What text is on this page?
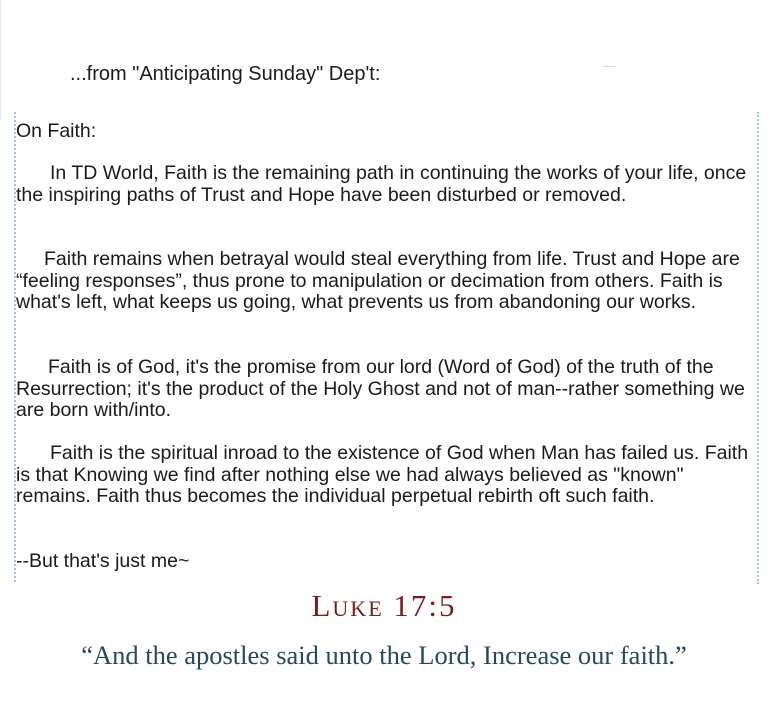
...from "Anticipating Sunday" Dep't:

On Faith:

In TD World, Faith is the remaining path in continuing the works of your life, once the inspiring paths of Trust and Hope have been disturbed or removed.

Faith remains when betrayal would steal everything from life. Trust and Hope are “feeling responses”, thus prone to manipulation or decimation from others. Faith is what's left, what keeps us going, what prevents us from abandoning our works.

Faith is of God, it's the promise from our lord (Word of God) of the truth of the Resurrection; it's the product of the Holy Ghost and not of man--rather something we are born with/into.

Faith is the spiritual inroad to the existence of God when Man has failed us. Faith is that Knowing we find after nothing else we had always believed as "known" remains. Faith thus becomes the individual perpetual rebirth oft such faith.

--But that's just me~

Luke 17:5
“And the apostles said unto the Lord, Increase our faith.”
